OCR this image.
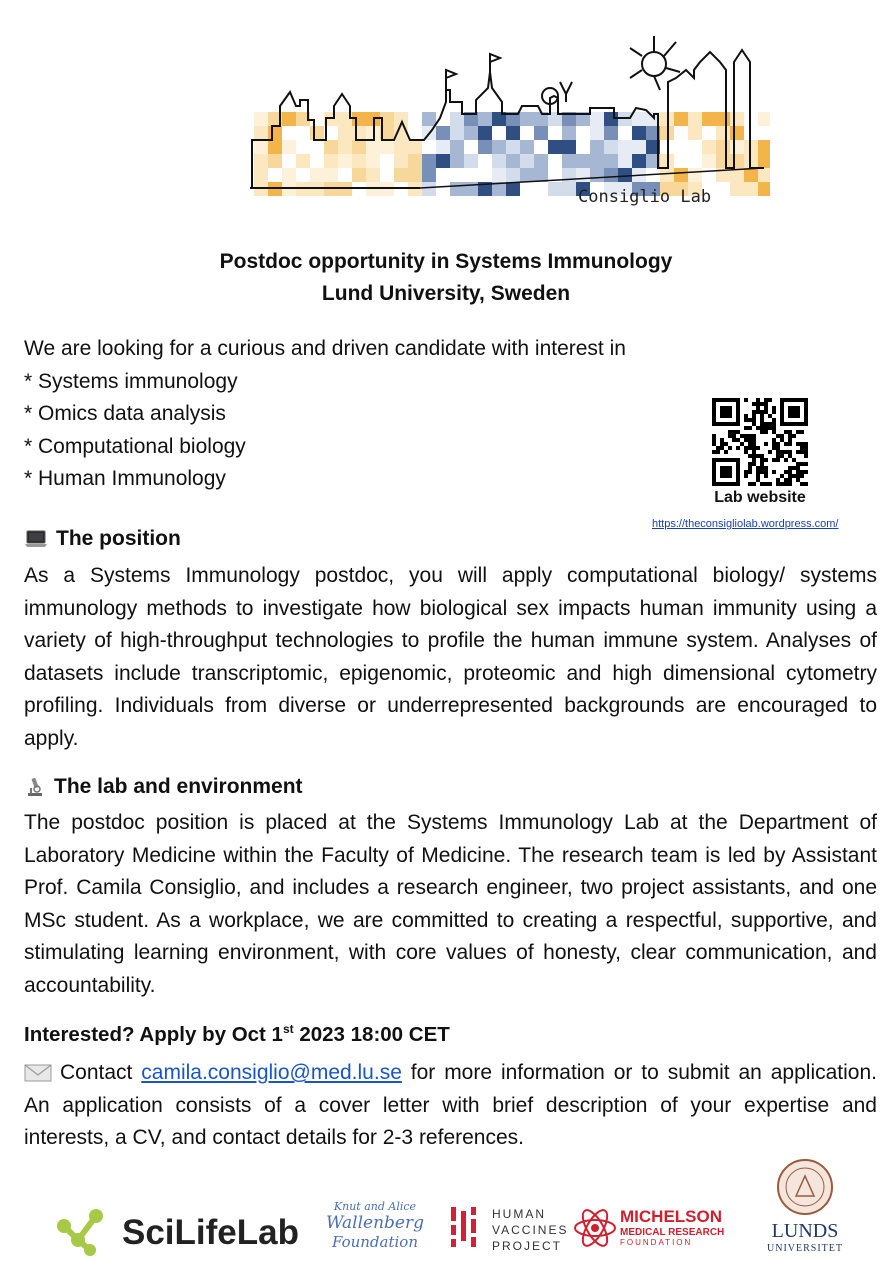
Consiglio Lab
Postdoc opportunity in Systems Immunology
Lund University, Sweden
We are looking for a curious and driven candidate with interest in
* Systems immunology
* Omics data analysis
* Computational biology
* Human Immunology
Lab website
https://theconsigliolab.wordpress.com/
The position
As a Systems Immunology postdoc, you will apply computational biology/ systems immunology methods to investigate how biological sex impacts human immunity using a variety of high-throughput technologies to profile the human immune system. Analyses of datasets include transcriptomic, epigenomic, proteomic and high dimensional cytometry profiling. Individuals from diverse or underrepresented backgrounds are encouraged to apply.
The lab and environment
The postdoc position is placed at the Systems Immunology Lab at the Department of Laboratory Medicine within the Faculty of Medicine. The research team is led by Assistant Prof. Camila Consiglio, and includes a research engineer, two project assistants, and one MSc student. As a workplace, we are committed to creating a respectful, supportive, and stimulating learning environment, with core values of honesty, clear communication, and accountability.
Interested? Apply by Oct 1st 2023 18:00 CET
Contact camila.consiglio@med.lu.se for more information or to submit an application. An application consists of a cover letter with brief description of your expertise and interests, a CV, and contact details for 2-3 references.
SciLifeLab
Knut and Alice
Wallenberg
Foundation
HUMAN
VACCINES
PROJECT
MICHELSON
MEDICAL RESEARCH
FOUNDATION
LUNDS
UNIVERSITET
